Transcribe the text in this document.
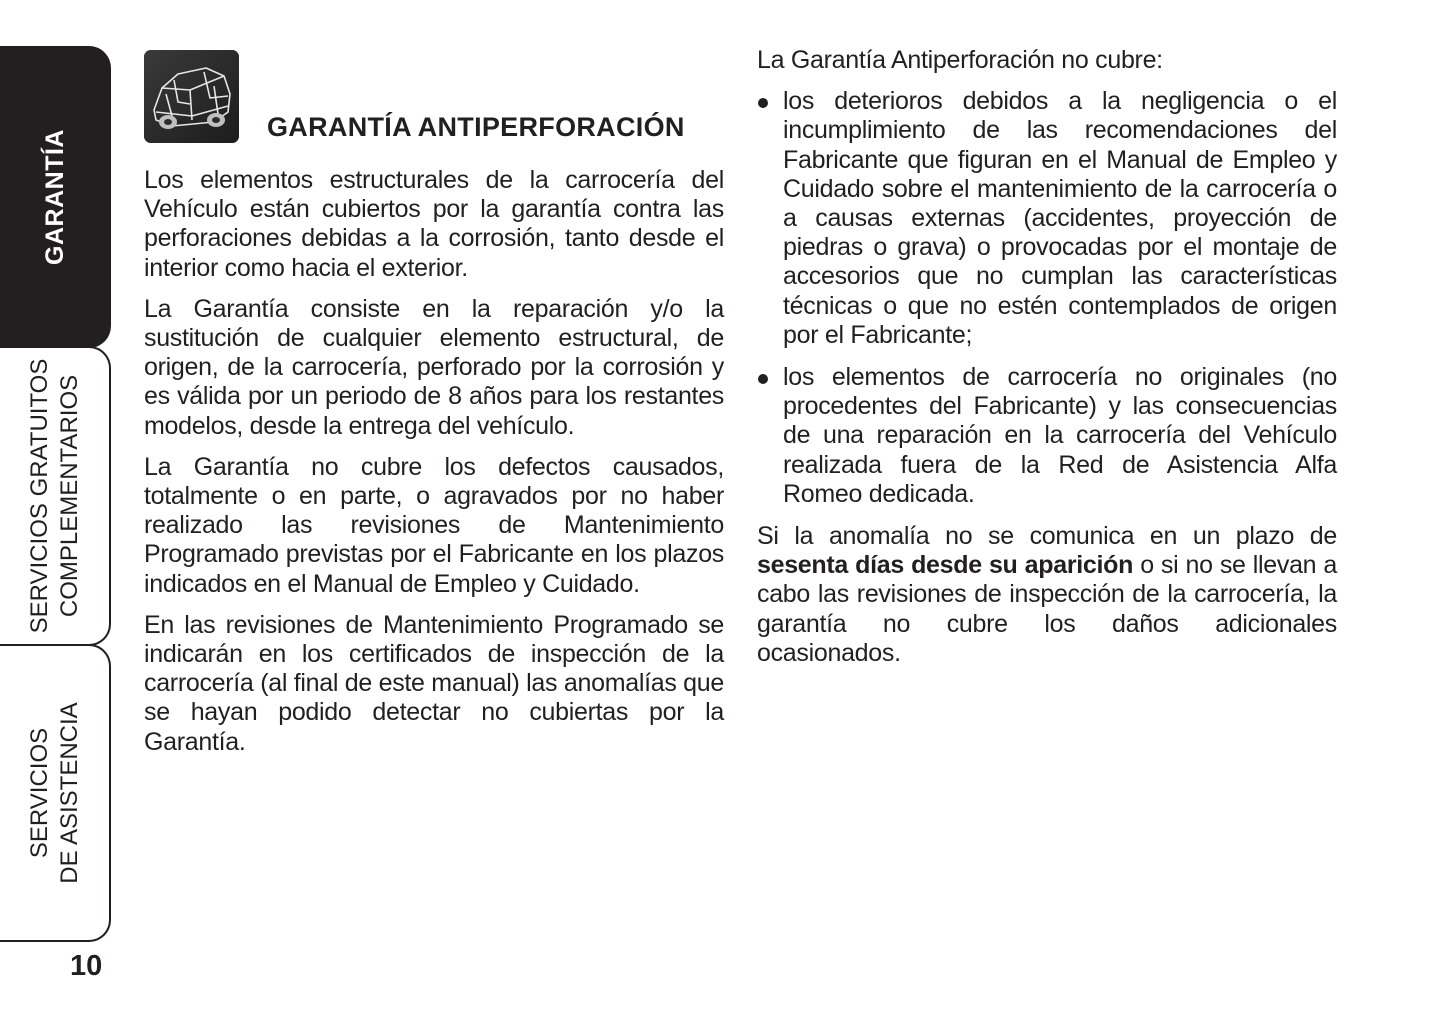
GARANTÍA
SERVICIOS GRATUITOS COMPLEMENTARIOS
SERVICIOS DE ASISTENCIA
10
GARANTÍA ANTIPERFORACIÓN

Los elementos estructurales de la carrocería del Vehículo están cubiertos por la garantía contra las perforaciones debidas a la corrosión, tanto desde el interior como hacia el exterior.

La Garantía consiste en la reparación y/o la sustitución de cualquier elemento estructural, de origen, de la carrocería, perforado por la corrosión y es válida por un periodo de 8 años para los restantes modelos, desde la entrega del vehículo.

La Garantía no cubre los defectos causados, totalmente o en parte, o agravados por no haber realizado las revisiones de Mantenimiento Programado previstas por el Fabricante en los plazos indicados en el Manual de Empleo y Cuidado.

En las revisiones de Mantenimiento Programado se indicarán en los certificados de inspección de la carrocería (al final de este manual) las anomalías que se hayan podido detectar no cubiertas por la Garantía.

La Garantía Antiperforación no cubre:

los deterioros debidos a la negligencia o el incumplimiento de las recomendaciones del Fabricante que figuran en el Manual de Empleo y Cuidado sobre el mantenimiento de la carrocería o a causas externas (accidentes, proyección de piedras o grava) o provocadas por el montaje de accesorios que no cumplan las características técnicas o que no estén contemplados de origen por el Fabricante;
los elementos de carrocería no originales (no procedentes del Fabricante) y las consecuencias de una reparación en la carrocería del Vehículo realizada fuera de la Red de Asistencia Alfa Romeo dedicada.

Si la anomalía no se comunica en un plazo de sesenta días desde su aparición o si no se llevan a cabo las revisiones de inspección de la carrocería, la garantía no cubre los daños adicionales ocasionados.
